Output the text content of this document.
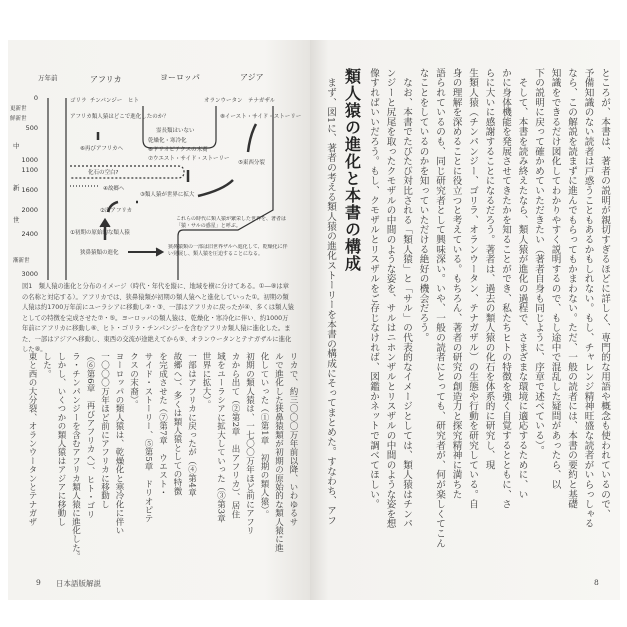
万年前	アフリカ	ヨーロッパ	アジア
0
500
1000
1100
1600
2000
2400
3000
更新世
鮮新世
中
新
世
漸新世
ゴリラ チンパンジー ヒト	オランウータン テナガザル
アフリカ類人猿はどこで進化したのか？
霊長類はいない
⑧イースト・サイド・ストーリー
乾燥化・寒冷化
⑥ドリオピテクスの末裔
⑦ウエスト・サイド・ストーリー
⑥再びアフリカへ
⑤東西分裂
化石の空白?
④故郷へ
③類人猿が世界に拡大
②出アフリカ
①初期の原始的な類人猿
狭鼻猿類の進化
これらの時代に類人猿が繁栄した世界を、著者は「猿・サルの惑星」と呼ぶ。
狭鼻猿類の一部は旧世界ザルへ進化して、乾燥化に伴い発展し、類人猿を圧迫することになる。
図1　類人猿の進化と分布のイメージ（時代・年代を縦に、地域を横に分けてある。①―⑧は章の名称と対応する）。アフリカでは、狭鼻猿類が初期の類人猿へと進化していった①。初期の類人猿は約1700万年前にユーラシアに移動し②・③、一部はアフリカに戻ったが④、多くは類人猿としての特徴を完成させた⑦・⑤。ヨーロッパの類人猿は、乾燥化・寒冷化に伴い、約1000万年前にアフリカに移動し⑥、ヒト・ゴリラ・チンパンジーを含むアフリカ類人猿に進化した。また、一部はアジアへ移動し、東西の交流が途絶えてから⑤、オランウータンとテナガザルに進化した⑧。

リカで、約三〇〇〇万年前以降、いわゆるサ

ルで進化した狭鼻猿類が初期の原始的な類人猿に進

化していった（①第1章　初期の類人猿）。

初期の類人猿は、一七〇〇万年ほど前にアフリ

カから出て（②第2章　出アフリカ）、居住

域をユーラシアに拡大していった（③第3章

世界に拡大）。

一部はアフリカに戻ったが（④第4章

故郷へ）、多くは類人猿としての特徴

を完成させた（⑦第7章　ウエスト・

サイド・ストーリー、⑤第5章　ドリオピテ

クスの末裔）。

ヨーロッパの類人猿は、乾燥化と寒冷化に伴い

一〇〇〇万年ほど前にアフリカに移動し

（⑥第6章　再びアフリカへ）、ヒト・ゴリ

ラ・チンパンジーを含むアフリカ類人猿に進化した。

しかし、いくつかの類人猿はアジアに移動し

した。

東と西の大分裂、オランウータンとテナガザ

9 日本語版解説

ところが、本書は、著者の説明が親切すぎるほどに詳しく、専門的な用語や概念も使われているので、

予備知識のない読者は戸惑うこともあるかもしれない。もし、チャレンジ精神旺盛な読者がいらっしゃる

なら、この解説を読まずに進んでもらってもかまわない。ただ、一般の読者には、本書の要約と基礎

知識をできるだけ図化してわかりやすく説明するので、もし途中で混乱した疑問があったら、以

下の説明に戻って確かめていただきたい（著者自身も同じように、序章で述べている）。

　そして、本書を読み終えたなら、類人猿が進化の過程で、さまざまな環境に適応するために、い

かに身体機能を発展させてきたかを知ることができ、私たちヒトの特徴を強く自覚するとともに、さ

らに大いに感謝することになるだろう。著者は、過去の類人猿の化石を体系的に研究し、現

生類人猿（チンパンジー、ゴリラ、オランウータン、テナガザル）の生態や行動を研究している。自

身の理解を深めることに役立つと考えている。もちろん、著者の研究の創造力と探究精神に満ちた

語られているのも、同じ研究者として興味深い。いや、一般の読者にとっても、研究者が、何が楽しくてこん

なことをしているのかを知っていただける絶好の機会だろう。

　なお、本書でたびたび対比される「類人猿」と「サル」の代表的なイメージとしては、類人猿はチンパ

ンジーと尻尾を取ったクモザルの中間のような姿を、サルはニホンザルとリスザルの中間のような姿を想

像すればいいだろう。もし、クモザルとリスザルをご存じなければ、図鑑かネットで調べてほしい。

類人猿の進化と本書の構成

　まず、図1に、著者の考える類人猿の進化ストーリーを本書の構成にそってまとめた。すなわち、アフ

8
